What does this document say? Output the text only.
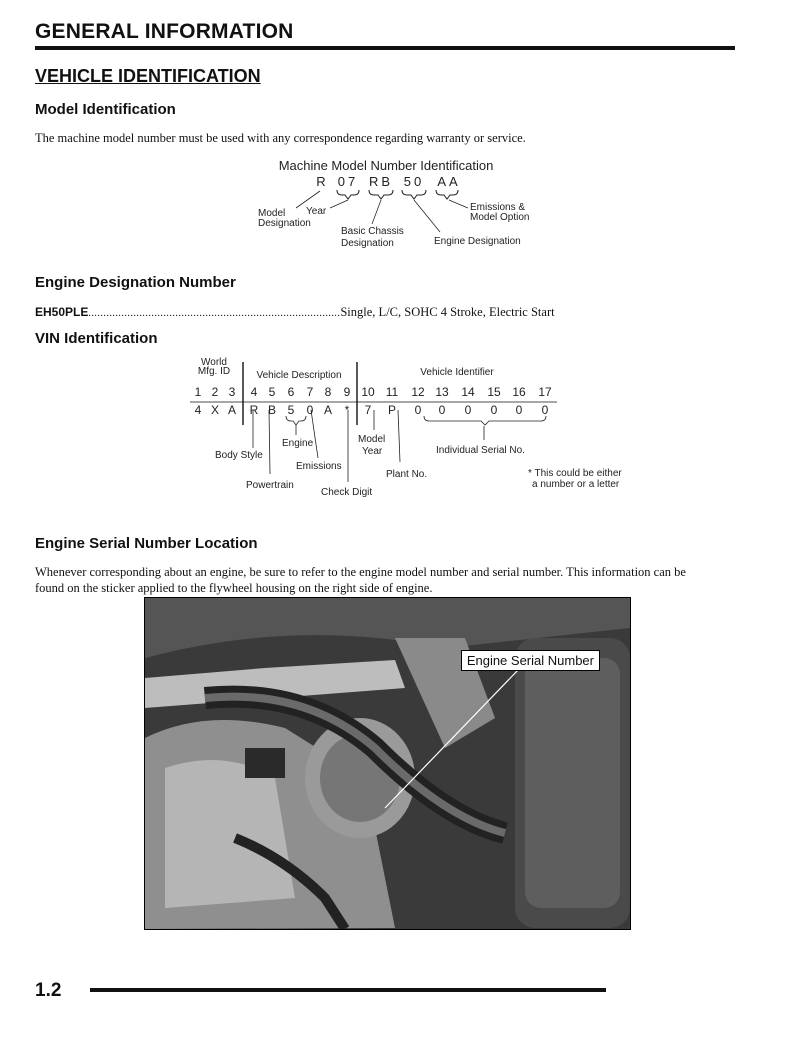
GENERAL INFORMATION
VEHICLE IDENTIFICATION
Model Identification
The machine model number must be used with any correspondence regarding warranty or service.
Machine Model Number Identification
R 07 RB 50 AA
Model
Designation
Year
Basic Chassis
Designation	Engine Designation
Emissions &
Model Option
Engine Designation Number
EH50PLE....................................................................................Single, L/C, SOHC 4 Stroke, Electric Start
VIN Identification
World
Mfg. ID	Vehicle Description	Vehicle Identifier
1 2 3 4 5 6 7 8 9 10 11 12 13 14 15 16 17
4 X A R B 5 0 A * 7 P 0 0 0 0 0 0
Body Style
Engine
Emissions
Powertrain
Check Digit
Model
Year
Plant No.
Individual Serial No.
* This could be either
a number or a letter
Engine Serial Number Location
Whenever corresponding about an engine, be sure to refer to the engine model number and serial number. This information can be
found on the sticker applied to the flywheel housing on the right side of engine.
Engine Serial Number
1.2
